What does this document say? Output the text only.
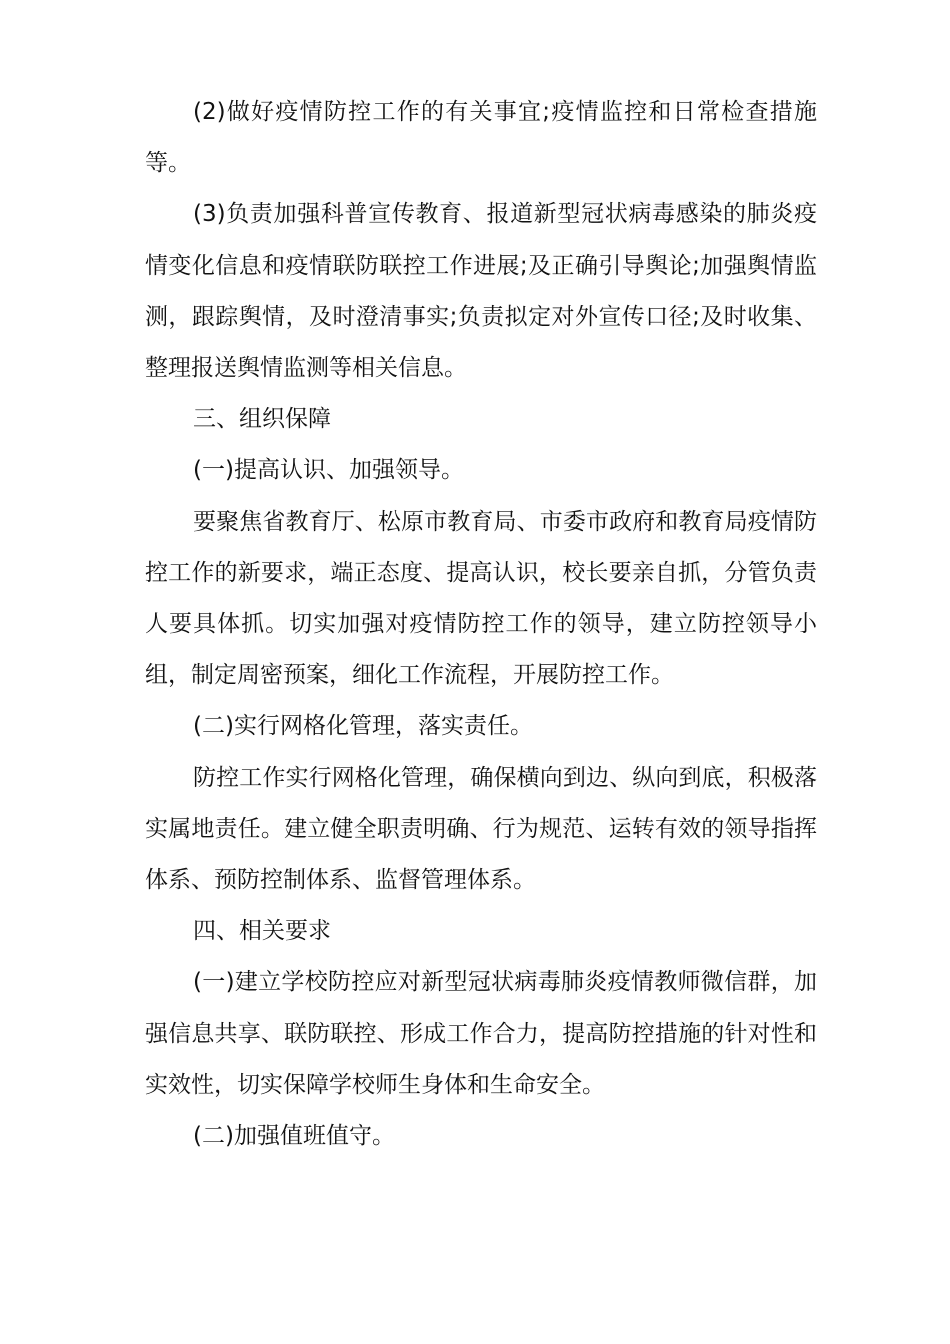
(2)做好疫情防控工作的有关事宜;疫情监控和日常检查措施等。

(3)负责加强科普宣传教育、报道新型冠状病毒感染的肺炎疫情变化信息和疫情联防联控工作进展;及正确引导舆论;加强舆情监测，跟踪舆情，及时澄清事实;负责拟定对外宣传口径;及时收集、整理报送舆情监测等相关信息。

三、组织保障

(一)提高认识、加强领导。

要聚焦省教育厅、松原市教育局、市委市政府和教育局疫情防控工作的新要求，端正态度、提高认识，校长要亲自抓，分管负责人要具体抓。切实加强对疫情防控工作的领导，建立防控领导小组，制定周密预案，细化工作流程，开展防控工作。

(二)实行网格化管理，落实责任。

防控工作实行网格化管理，确保横向到边、纵向到底，积极落实属地责任。建立健全职责明确、行为规范、运转有效的领导指挥体系、预防控制体系、监督管理体系。

四、相关要求

(一)建立学校防控应对新型冠状病毒肺炎疫情教师微信群，加强信息共享、联防联控、形成工作合力，提高防控措施的针对性和实效性，切实保障学校师生身体和生命安全。

(二)加强值班值守。
